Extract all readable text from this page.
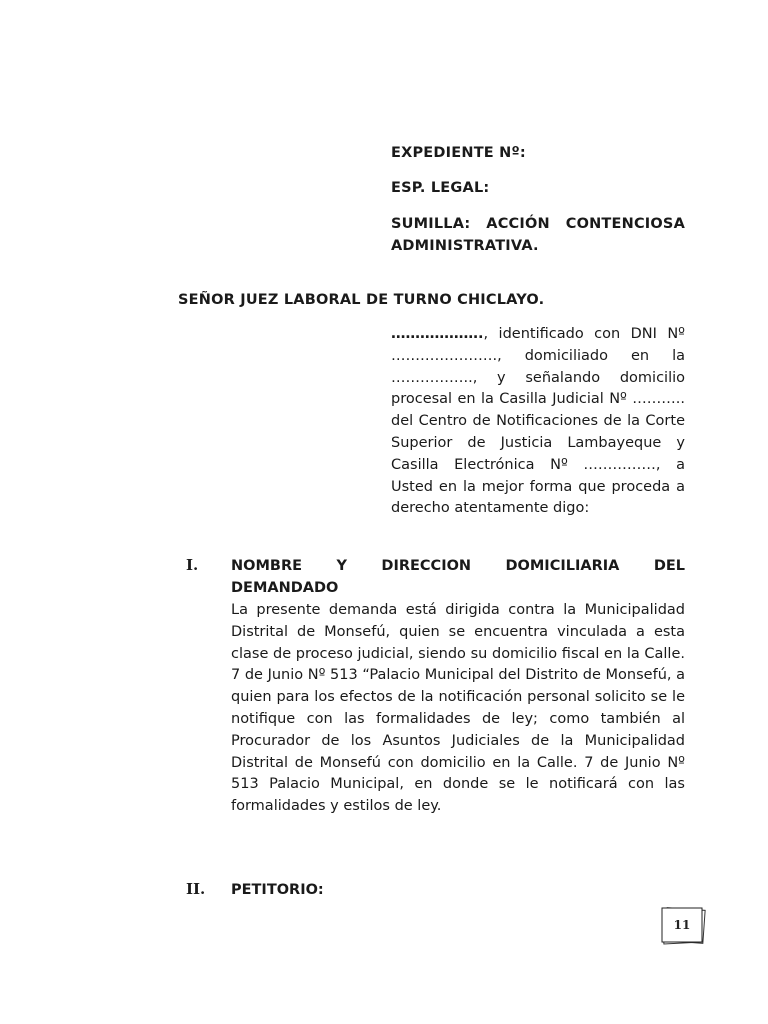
EXPEDIENTE Nº:
ESP. LEGAL:
SUMILLA: ACCIÓN CONTENCIOSA
ADMINISTRATIVA.
SEÑOR JUEZ LABORAL DE TURNO CHICLAYO.
………………., identificado con DNI Nº …………………., domiciliado en la …………….., y señalando domicilio procesal en la Casilla Judicial Nº ……….. del Centro de Notificaciones de la Corte Superior de Justicia Lambayeque y Casilla Electrónica Nº ……………, a Usted en la mejor forma que proceda a derecho atentamente digo:
I. NOMBRE Y DIRECCION DOMICILIARIA DEL
DEMANDADO
La presente demanda está dirigida contra la Municipalidad Distrital de Monsefú, quien se encuentra vinculada a esta clase de proceso judicial, siendo su domicilio fiscal en la Calle. 7 de Junio Nº 513 “Palacio Municipal del Distrito de Monsefú, a quien para los efectos de la notificación personal solicito se le notifique con las formalidades de ley; como también al Procurador de los Asuntos Judiciales de la Municipalidad Distrital de Monsefú con domicilio en la Calle. 7 de Junio Nº 513 Palacio Municipal, en donde se le notificará con las formalidades y estilos de ley.
II. PETITORIO:
11
